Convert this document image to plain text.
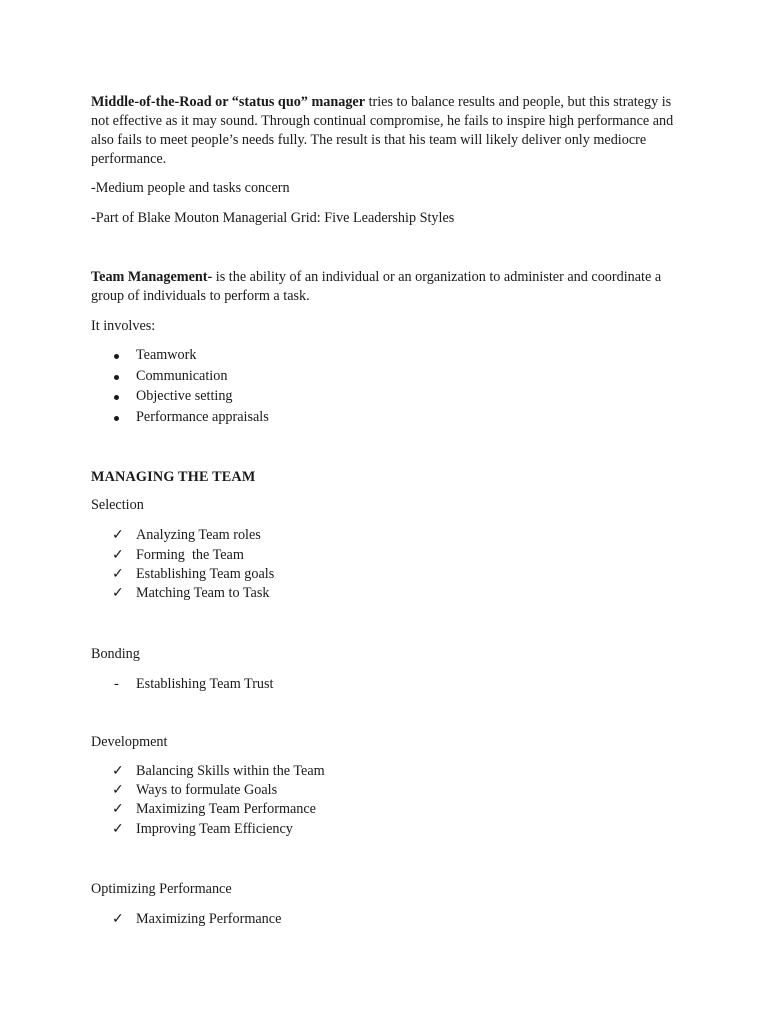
Middle-of-the-Road or “status quo” manager tries to balance results and people, but this strategy is not effective as it may sound. Through continual compromise, he fails to inspire high performance and also fails to meet people’s needs fully. The result is that his team will likely deliver only mediocre performance.

-Medium people and tasks concern

-Part of Blake Mouton Managerial Grid: Five Leadership Styles

Team Management- is the ability of an individual or an organization to administer and coordinate a group of individuals to perform a task.

It involves:

Teamwork
Communication
Objective setting
Performance appraisals

MANAGING THE TEAM

Selection

✓ Analyzing Team roles
✓ Forming  the Team
✓ Establishing Team goals
✓ Matching Team to Task

Bonding

-	Establishing Team Trust

Development

✓ Balancing Skills within the Team
✓ Ways to formulate Goals
✓ Maximizing Team Performance
✓ Improving Team Efficiency

Optimizing Performance

✓ Maximizing Performance
